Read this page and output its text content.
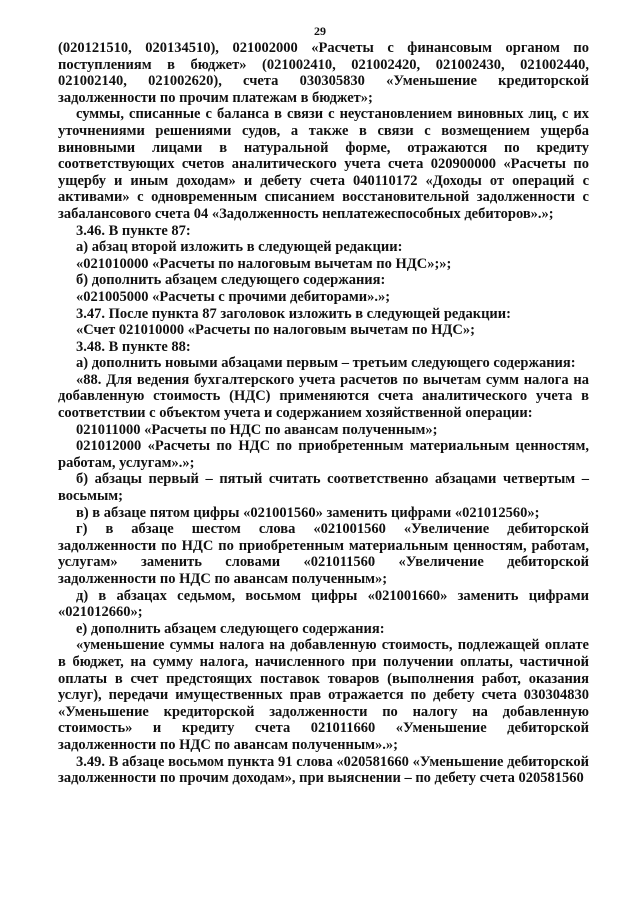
29

(020121510, 020134510), 021002000 «Расчеты с финансовым органом по поступлениям в бюджет» (021002410, 021002420, 021002430, 021002440, 021002140, 021002620), счета 030305830 «Уменьшение кредиторской задолженности по прочим платежам в бюджет»;

суммы, списанные с баланса в связи с неустановлением виновных лиц, с их уточнениями решениями судов, а также в связи с возмещением ущерба виновными лицами в натуральной форме, отражаются по кредиту соответствующих счетов аналитического учета счета 020900000 «Расчеты по ущербу и иным доходам» и дебету счета 040110172 «Доходы от операций с активами» с одновременным списанием восстановительной задолженности с забалансового счета 04 «Задолженность неплатежеспособных дебиторов».»;

3.46. В пункте 87:

а) абзац второй изложить в следующей редакции:

«021010000 «Расчеты по налоговым вычетам по НДС»;»;

б) дополнить абзацем следующего содержания:

«021005000 «Расчеты с прочими дебиторами».»;

3.47. После пункта 87 заголовок изложить в следующей редакции:

«Счет 021010000 «Расчеты по налоговым вычетам по НДС»;

3.48. В пункте 88:

а) дополнить новыми абзацами первым – третьим следующего содержания:

«88. Для ведения бухгалтерского учета расчетов по вычетам сумм налога на добавленную стоимость (НДС) применяются счета аналитического учета в соответствии с объектом учета и содержанием хозяйственной операции:

021011000 «Расчеты по НДС по авансам полученным»;

021012000 «Расчеты по НДС по приобретенным материальным ценностям, работам, услугам».»;

б) абзацы первый – пятый считать соответственно абзацами четвертым – восьмым;

в) в абзаце пятом цифры «021001560» заменить цифрами «021012560»;

г) в абзаце шестом слова «021001560 «Увеличение дебиторской задолженности по НДС по приобретенным материальным ценностям, работам, услугам» заменить словами «021011560 «Увеличение дебиторской задолженности по НДС по авансам полученным»;

д) в абзацах седьмом, восьмом цифры «021001660» заменить цифрами «021012660»;

е) дополнить абзацем следующего содержания:

«уменьшение суммы налога на добавленную стоимость, подлежащей оплате в бюджет, на сумму налога, начисленного при получении оплаты, частичной оплаты в счет предстоящих поставок товаров (выполнения работ, оказания услуг), передачи имущественных прав отражается по дебету счета 030304830 «Уменьшение кредиторской задолженности по налогу на добавленную стоимость» и кредиту счета 021011660 «Уменьшение дебиторской задолженности по НДС по авансам полученным».»;

3.49. В абзаце восьмом пункта 91 слова «020581660 «Уменьшение дебиторской задолженности по прочим доходам», при выяснении – по дебету счета 020581560
